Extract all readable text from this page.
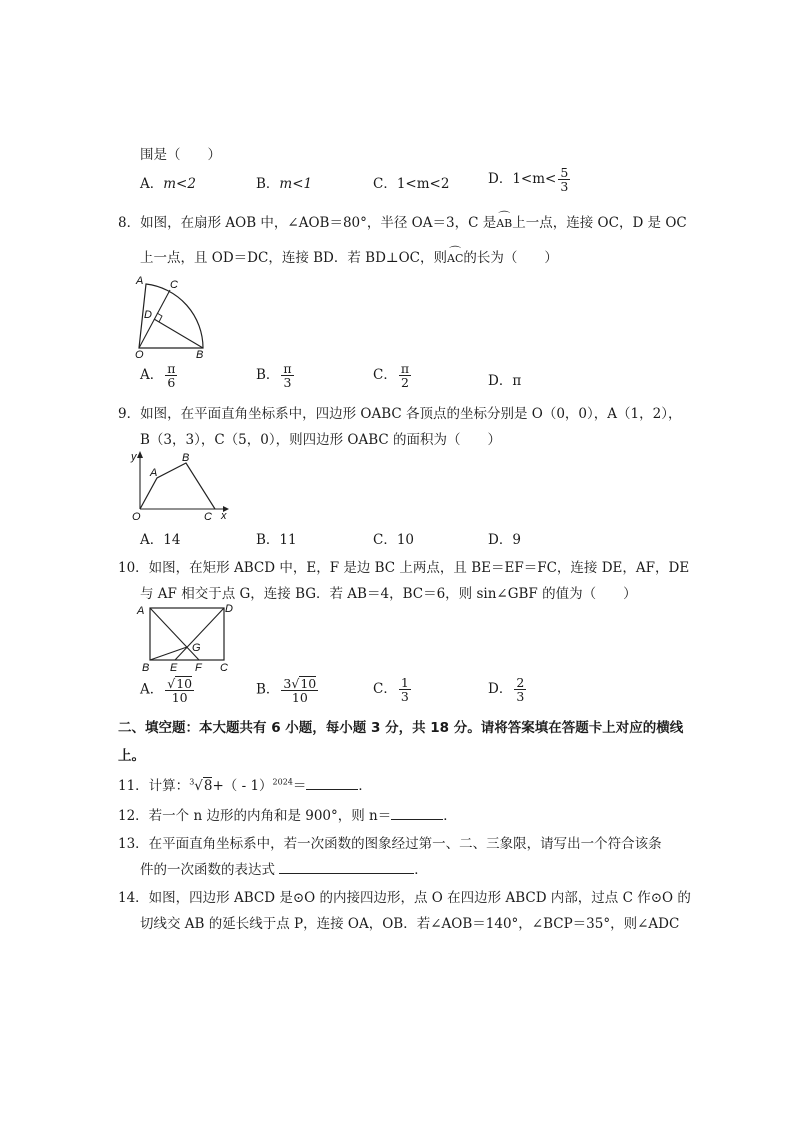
围是（　　）
A．m<2	B．m<1	C．1<m<2	D．$1<m< \frac{5}{3}$
8．如图，在扇形 AOB 中，∠AOB＝80°，半径 OA＝3，C 是⌒ AB上一点，连接 OC，D 是 OC
上一点，且 OD＝DC，连接 BD．若 BD⊥OC，则⌒ AC的长为（　　）
A C
D
O	B
A． $\frac{\pi}{6}$	B． $\frac{\pi}{3}$	C． $\frac{\pi}{2}$	D．π
9．如图，在平面直角坐标系中，四边形 OABC 各顶点的坐标分别是 O（0，0），A（1，2），
B（3，3），C（5，0），则四边形 OABC 的面积为（　　）
y
A
B
O	C x
A．14	B．11	C．10	D．9
10．如图，在矩形 ABCD 中，E，F 是边 BC 上两点，且 BE＝EF＝FC，连接 DE，AF，DE
与 AF 相交于点 G，连接 BG．若 AB＝4，BC＝6，则 sin∠GBF 的值为（　　）
A	D
G
B E F C
A． $\frac{√10}{10}$	B． $\frac{3√10}{10}$	C． $\frac{1}{3}$	D． $\frac{2}{3}$
二、填空题：本大题共有 6 小题，每小题 3 分，共 18 分。请将答案填在答题卡上对应的横线
上。
11．计算：$^3$√8+（ - 1）$^{2024}$＝	．
12．若一个 n 边形的内角和是 900°，则 n＝	．
13．在平面直角坐标系中，若一次函数的图象经过第一、二、三象限，请写出一个符合该条
件的一次函数的表达式	．
14．如图，四边形 ABCD 是⊙O 的内接四边形，点 O 在四边形 ABCD 内部，过点 C 作⊙O 的
切线交 AB 的延长线于点 P，连接 OA，OB．若∠AOB＝140°，∠BCP＝35°，则∠ADC
